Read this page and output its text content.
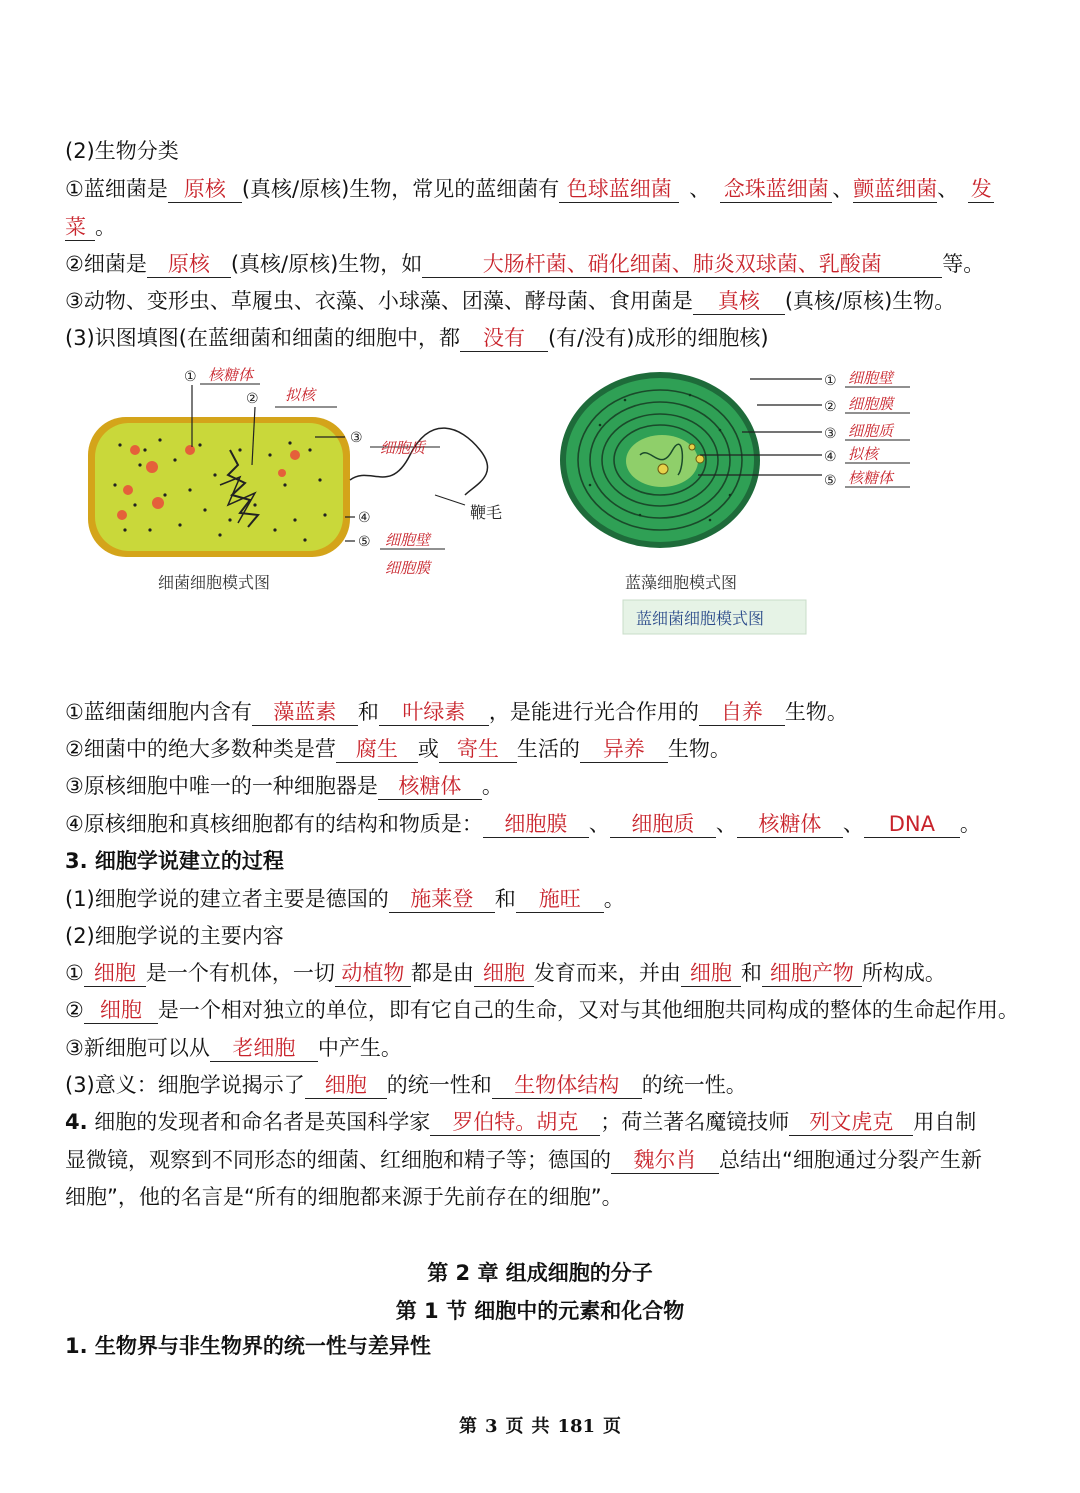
(2)生物分类
①蓝细菌是 原核 (真核/原核)生物，常见的蓝细菌有 色球蓝细菌 、 念珠蓝细菌 、颤蓝细菌、 发
菜 。
②细菌是 原核 (真核/原核)生物，如	大肠杆菌、硝化细菌、肺炎双球菌、乳酸菌	等。
③动物、变形虫、草履虫、衣藻、小球藻、团藻、酵母菌、食用菌是 真核 (真核/原核)生物。
(3)识图填图(在蓝细菌和细菌的细胞中，都 没有 (有/没有)成形的细胞核)
① 核糖体
② 拟核
③
细胞质
④
⑤ 细胞壁
细胞膜
鞭毛
细菌细胞模式图
① 细胞壁
② 细胞膜
③ 细胞质
④ 拟核
⑤ 核糖体
蓝藻细胞模式图
蓝细菌细胞模式图
①蓝细菌细胞内含有 藻蓝素 和 叶绿素 ，是能进行光合作用的 自养 生物。
②细菌中的绝大多数种类是营 腐生 或 寄生 生活的 异养 生物。
③原核细胞中唯一的一种细胞器是 核糖体 。
④原核细胞和真核细胞都有的结构和物质是： 细胞膜 、 细胞质 、 核糖体 、 DNA 。
3. 细胞学说建立的过程
(1)细胞学说的建立者主要是德国的 施莱登 和 施旺 。
(2)细胞学说的主要内容
① 细胞 是一个有机体，一切 动植物 都是由 细胞 发育而来，并由 细胞 和 细胞产物 所构成。
② 细胞 是一个相对独立的单位，即有它自己的生命，又对与其他细胞共同构成的整体的生命起作用。
③新细胞可以从 老细胞 中产生。
(3)意义：细胞学说揭示了 细胞 的统一性和 生物体结构 的统一性。
4. 细胞的发现者和命名者是英国科学家 罗伯特。胡克 ；荷兰著名魔镜技师 列文虎克 用自制
显微镜，观察到不同形态的细菌、红细胞和精子等；德国的 魏尔肖 总结出“细胞通过分裂产生新
细胞”，他的名言是“所有的细胞都来源于先前存在的细胞”。
第 2 章 组成细胞的分子
第 1 节 细胞中的元素和化合物
1. 生物界与非生物界的统一性与差异性
第 3 页 共 181 页
